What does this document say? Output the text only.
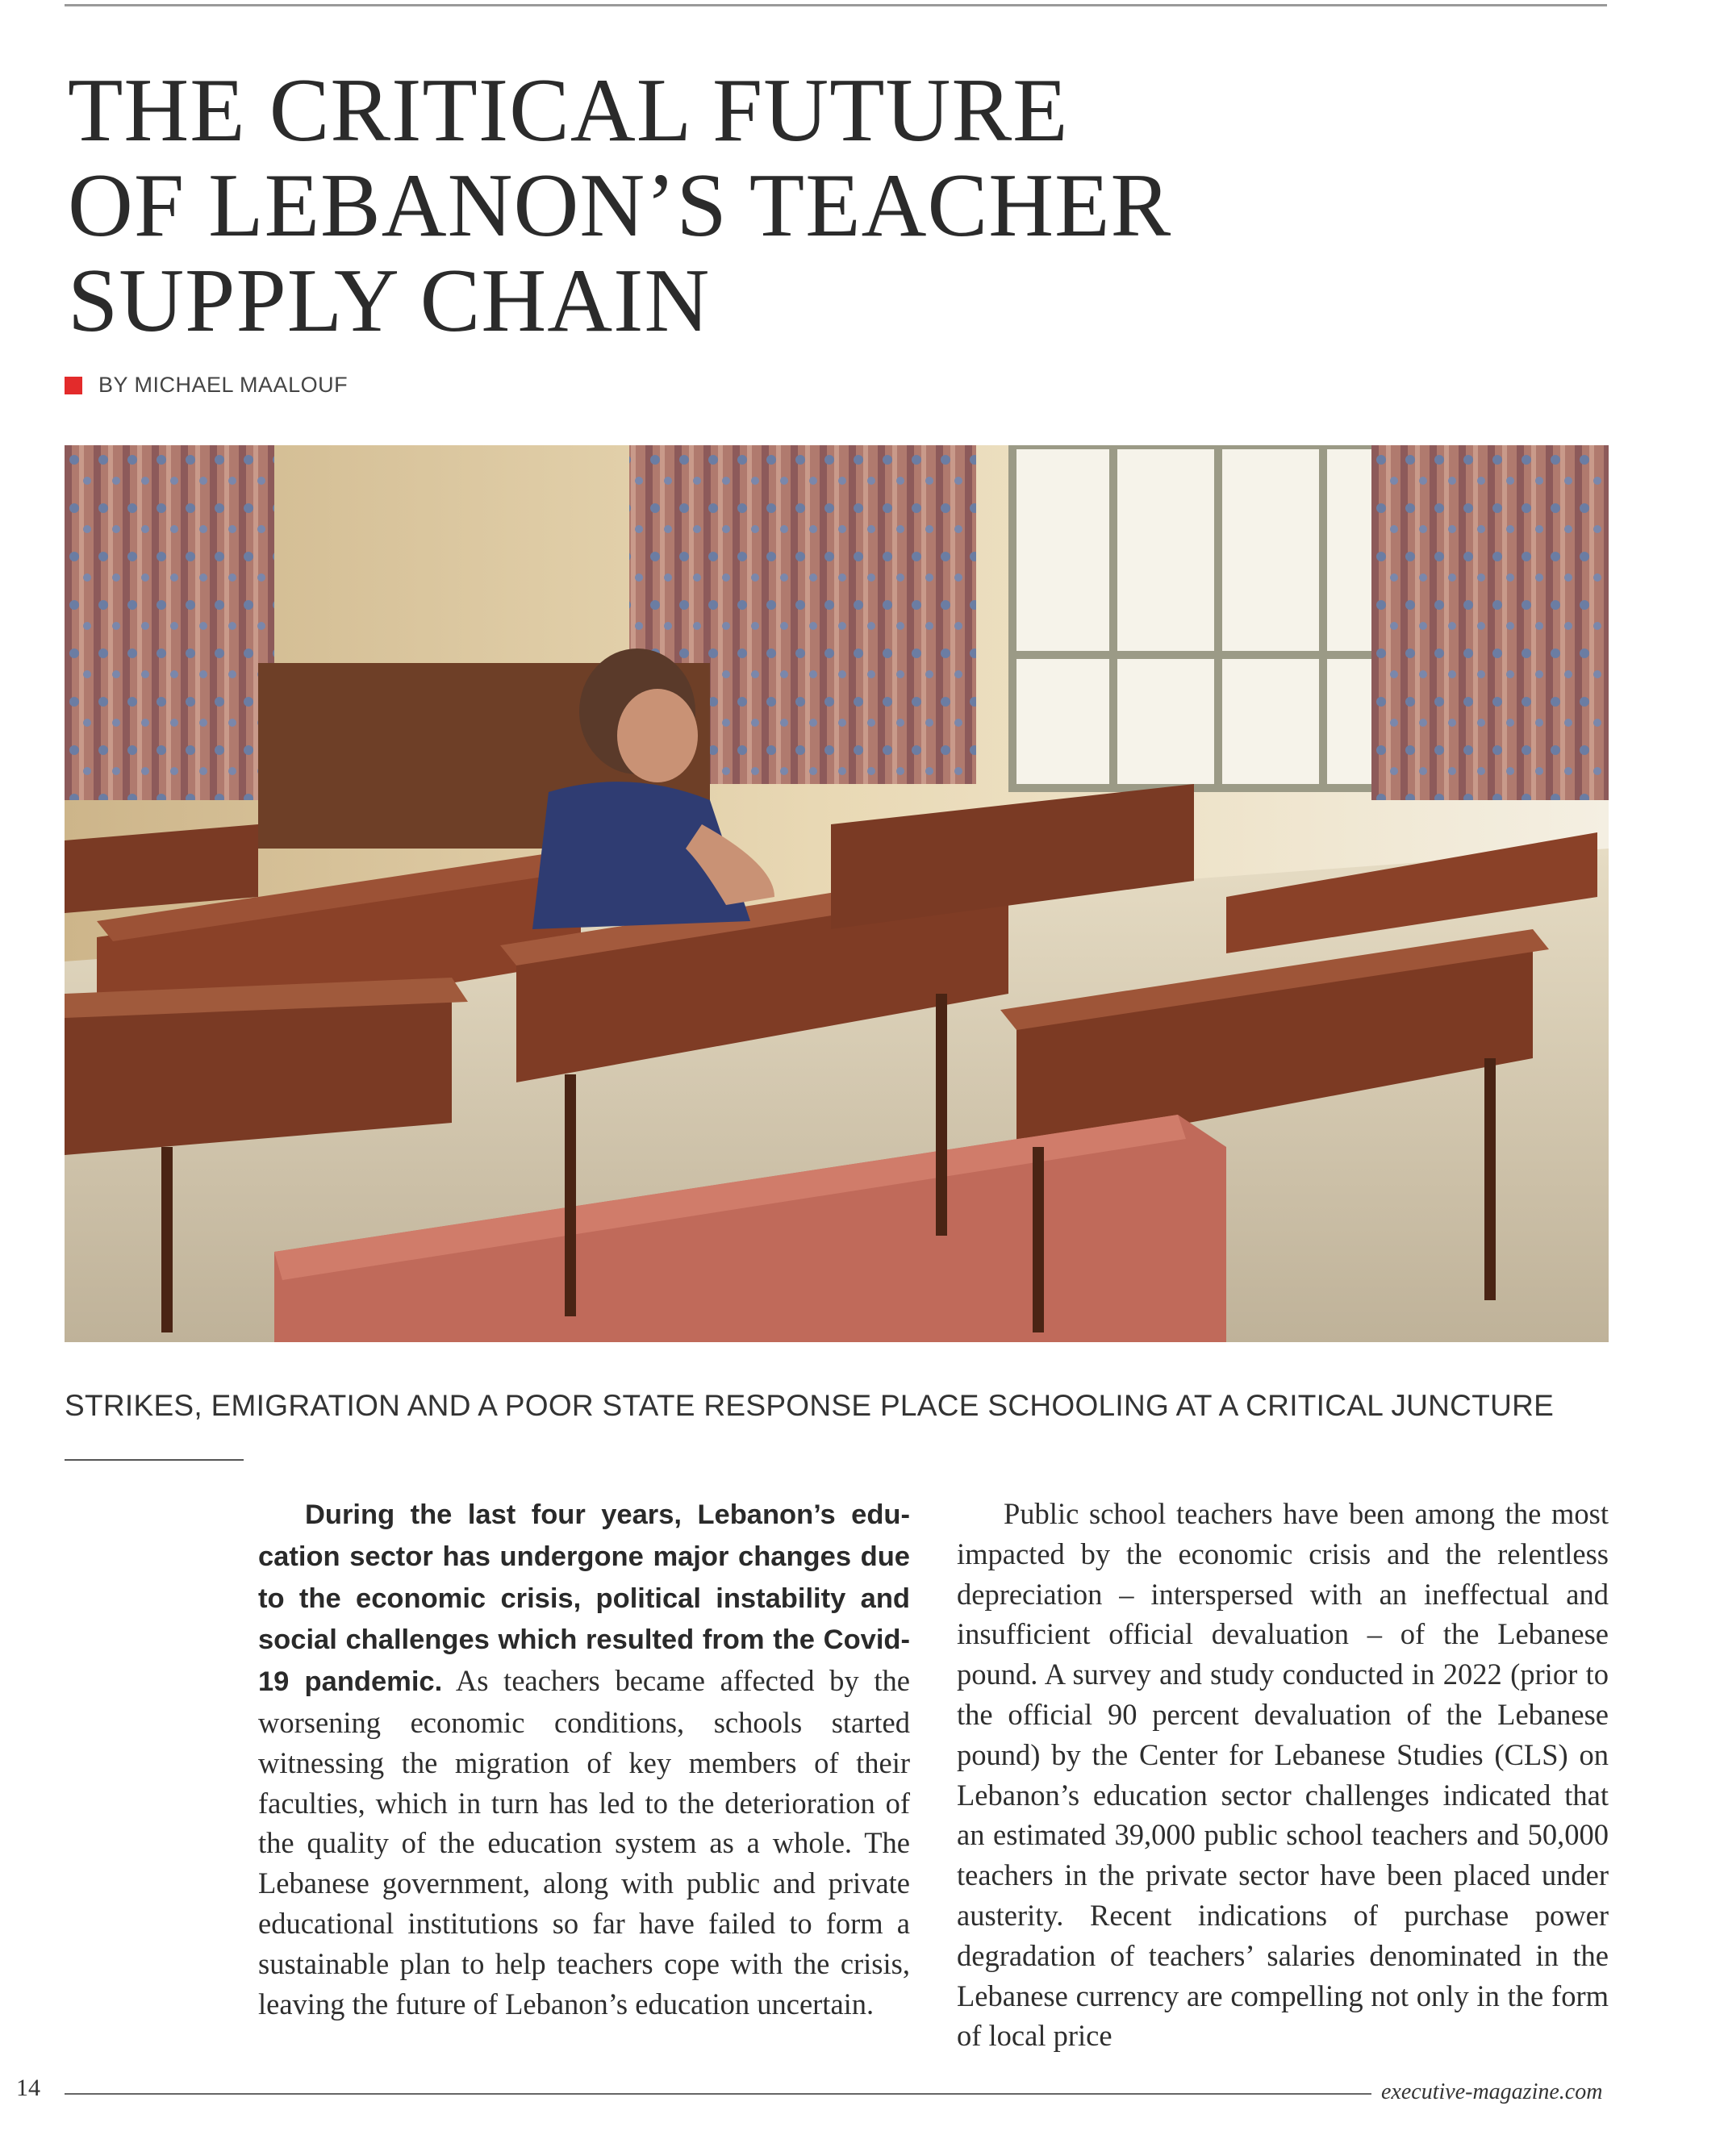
THE CRITICAL FUTURE
OF LEBANON’S TEACHER
SUPPLY CHAIN
BY MICHAEL MAALOUF
STRIKES, EMIGRATION AND A POOR STATE RESPONSE PLACE SCHOOLING AT A CRITICAL JUNCTURE

During the last four years, Lebanon’s education sector has undergone major changes due to the economic crisis, political instability and social challenges which resulted from the Covid-19 pandemic. As teachers became affected by the worsening economic conditions, schools started witnessing the migration of key members of their faculties, which in turn has led to the deterioration of the quality of the education system as a whole. The Lebanese government, along with public and private educational institutions so far have failed to form a sustainable plan to help teachers cope with the crisis, leaving the future of Lebanon’s education uncertain.

Public school teachers have been among the most impacted by the economic crisis and the relentless depreciation – interspersed with an ineffectual and insufficient official devaluation – of the Lebanese pound. A survey and study conducted in 2022 (prior to the official 90 percent devaluation of the Lebanese pound) by the Center for Lebanese Studies (CLS) on Lebanon’s education sector challenges indicated that an estimated 39,000 public school teachers and 50,000 teachers in the private sector have been placed under austerity. Recent indications of purchase power degradation of teachers’ salaries denominated in the Lebanese currency are compelling not only in the form of local price

14	executive-magazine.com
